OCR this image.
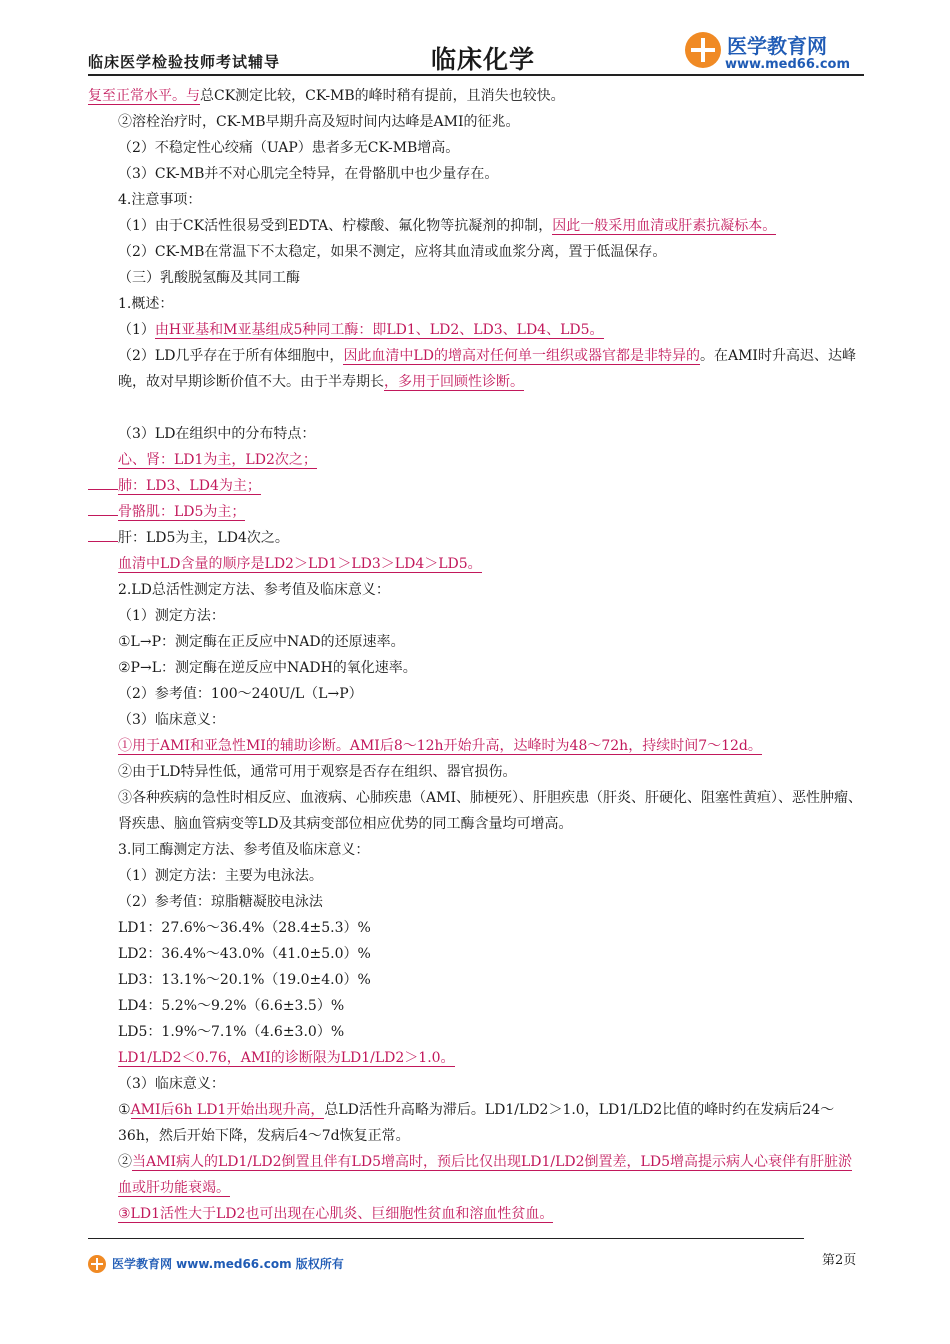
临床医学检验技师考试辅导	临床化学	医学教育网
www.med66.com

复至正常水平。与总CK测定比较，CK-MB的峰时稍有提前，且消失也较快。

②溶栓治疗时，CK-MB早期升高及短时间内达峰是AMI的征兆。

（2）不稳定性心绞痛（UAP）患者多无CK-MB增高。

（3）CK-MB并不对心肌完全特异，在骨骼肌中也少量存在。

4.注意事项：

（1）由于CK活性很易受到EDTA、柠檬酸、氟化物等抗凝剂的抑制，因此一般采用血清或肝素抗凝标本。

（2）CK-MB在常温下不太稳定，如果不测定，应将其血清或血浆分离，置于低温保存。

（三）乳酸脱氢酶及其同工酶

1.概述：

（1）由H亚基和M亚基组成5种同工酶：即LD1、LD2、LD3、LD4、LD5。

（2）LD几乎存在于所有体细胞中，因此血清中LD的增高对任何单一组织或器官都是非特异的。在AMI时升高迟、达峰晚，故对早期诊断价值不大。由于半寿期长，多用于回顾性诊断。

（3）LD在组织中的分布特点：

心、肾：LD1为主，LD2次之；

肺：LD3、LD4为主；

骨骼肌：LD5为主；

肝：LD5为主，LD4次之。

血清中LD含量的顺序是LD2＞LD1＞LD3＞LD4＞LD5。

2.LD总活性测定方法、参考值及临床意义：

（1）测定方法：

①L→P：测定酶在正反应中NAD的还原速率。

②P→L：测定酶在逆反应中NADH的氧化速率。

（2）参考值：100～240U/L（L→P）

（3）临床意义：

①用于AMI和亚急性MI的辅助诊断。AMI后8～12h开始升高，达峰时为48～72h，持续时间7～12d。

②由于LD特异性低，通常可用于观察是否存在组织、器官损伤。

③各种疾病的急性时相反应、血液病、心肺疾患（AMI、肺梗死）、肝胆疾患（肝炎、肝硬化、阻塞性黄疸）、恶性肿瘤、肾疾患、脑血管病变等LD及其病变部位相应优势的同工酶含量均可增高。

3.同工酶测定方法、参考值及临床意义：

（1）测定方法：主要为电泳法。

（2）参考值：琼脂糖凝胶电泳法

LD1：27.6%～36.4%（28.4±5.3）%

LD2：36.4%～43.0%（41.0±5.0）%

LD3：13.1%～20.1%（19.0±4.0）%

LD4：5.2%～9.2%（6.6±3.5）%

LD5：1.9%～7.1%（4.6±3.0）%

LD1/LD2＜0.76，AMI的诊断限为LD1/LD2＞1.0。

（3）临床意义：

①AMI后6h LD1开始出现升高，总LD活性升高略为滞后。LD1/LD2＞1.0，LD1/LD2比值的峰时约在发病后24～36h，然后开始下降，发病后4～7d恢复正常。

②当AMI病人的LD1/LD2倒置且伴有LD5增高时，预后比仅出现LD1/LD2倒置差，LD5增高提示病人心衰伴有肝脏淤血或肝功能衰竭。

③LD1活性大于LD2也可出现在心肌炎、巨细胞性贫血和溶血性贫血。

医学教育网 www.med66.com 版权所有	第2页
